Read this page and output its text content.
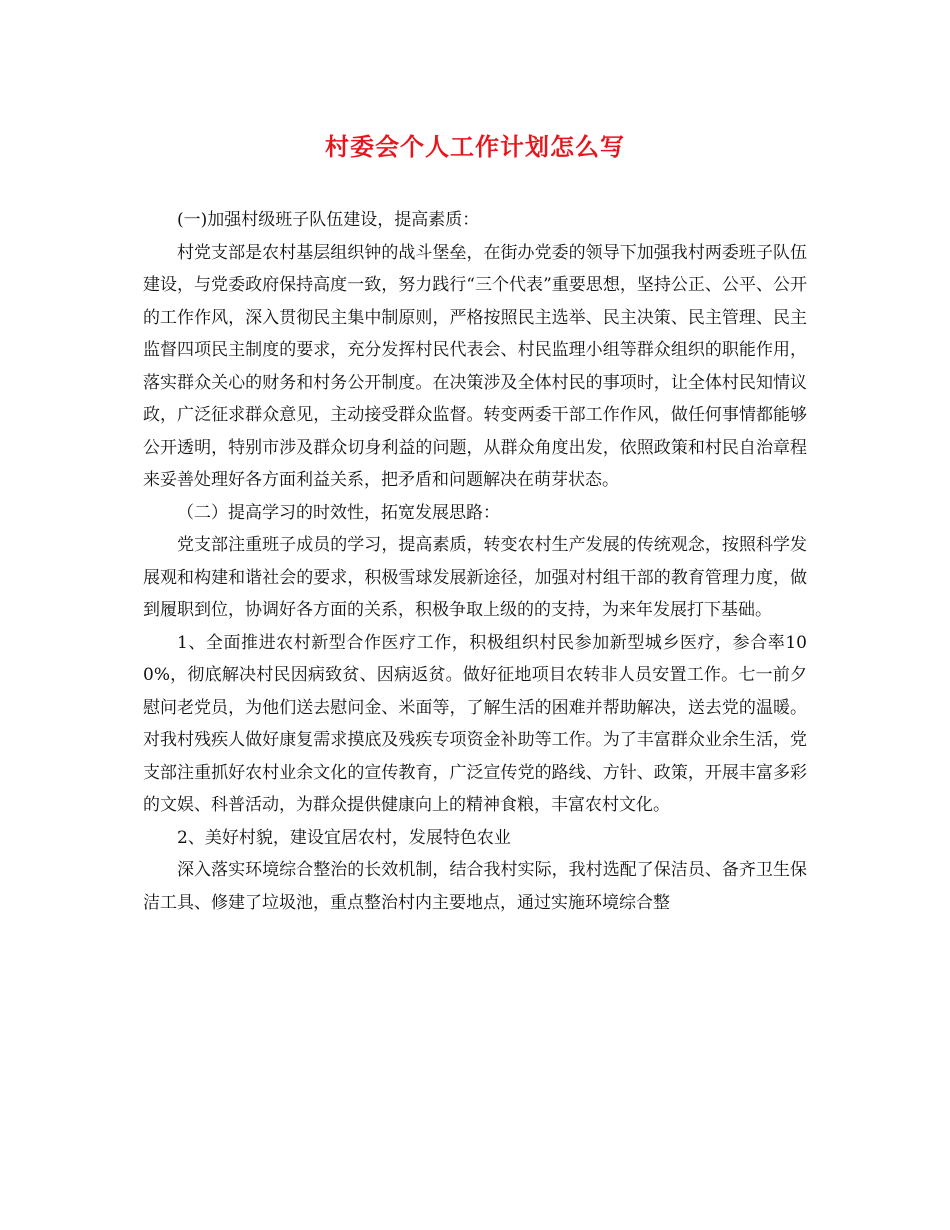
村委会个人工作计划怎么写

(一)加强村级班子队伍建设，提高素质：

村党支部是农村基层组织钟的战斗堡垒，在街办党委的领导下加强我村两委班子队伍建设，与党委政府保持高度一致，努力践行“三个代表”重要思想，坚持公正、公平、公开的工作作风，深入贯彻民主集中制原则，严格按照民主选举、民主决策、民主管理、民主监督四项民主制度的要求，充分发挥村民代表会、村民监理小组等群众组织的职能作用，落实群众关心的财务和村务公开制度。在决策涉及全体村民的事项时，让全体村民知情议政，广泛征求群众意见，主动接受群众监督。转变两委干部工作作风，做任何事情都能够公开透明，特别市涉及群众切身利益的问题，从群众角度出发，依照政策和村民自治章程来妥善处理好各方面利益关系，把矛盾和问题解决在萌芽状态。

（二）提高学习的时效性，拓宽发展思路：

党支部注重班子成员的学习，提高素质，转变农村生产发展的传统观念，按照科学发展观和构建和谐社会的要求，积极雪球发展新途径，加强对村组干部的教育管理力度，做到履职到位，协调好各方面的关系，积极争取上级的的支持，为来年发展打下基础。

1、全面推进农村新型合作医疗工作，积极组织村民参加新型城乡医疗，参合率100%，彻底解决村民因病致贫、因病返贫。做好征地项目农转非人员安置工作。七一前夕慰问老党员，为他们送去慰问金、米面等，了解生活的困难并帮助解决，送去党的温暖。对我村残疾人做好康复需求摸底及残疾专项资金补助等工作。为了丰富群众业余生活，党支部注重抓好农村业余文化的宣传教育，广泛宣传党的路线、方针、政策，开展丰富多彩的文娱、科普活动，为群众提供健康向上的精神食粮，丰富农村文化。

2、美好村貌，建设宜居农村，发展特色农业

深入落实环境综合整治的长效机制，结合我村实际，我村选配了保洁员、备齐卫生保洁工具、修建了垃圾池，重点整治村内主要地点，通过实施环境综合整
